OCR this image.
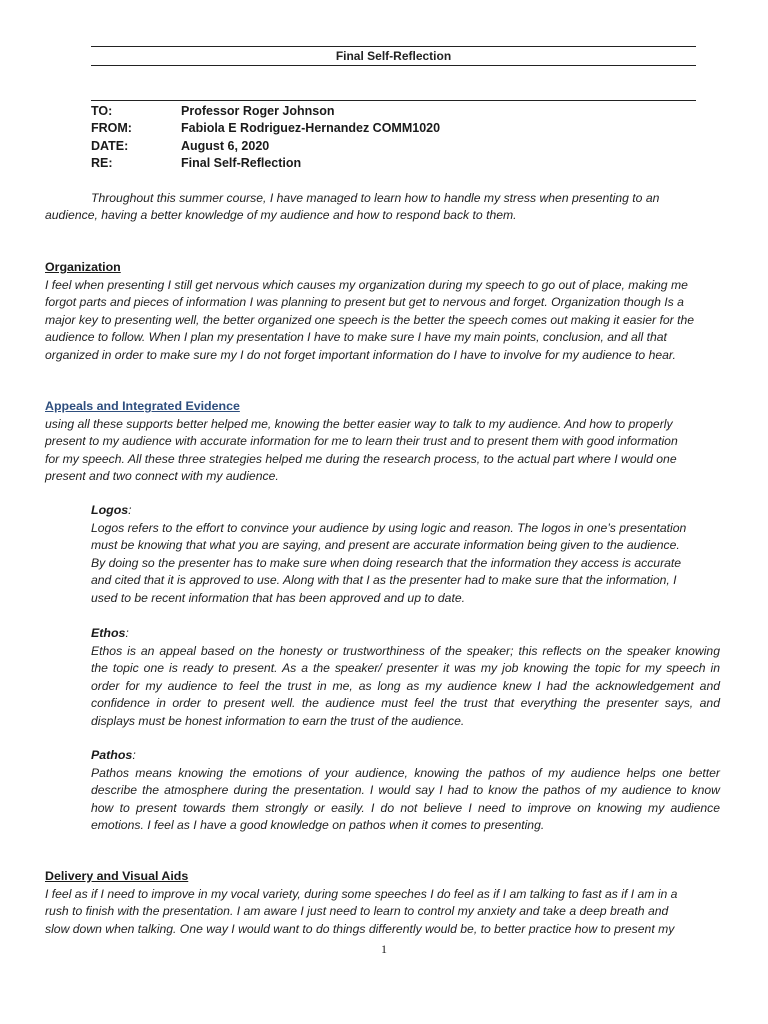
Final Self-Reflection
TO:	Professor Roger Johnson
FROM:	Fabiola E Rodriguez-Hernandez COMM1020
DATE:	August 6, 2020
RE:	Final Self-Reflection
Throughout this summer course, I have managed to learn how to handle my stress when presenting to an
audience, having a better knowledge of my audience and how to respond back to them.
Organization
I feel when presenting I still get nervous which causes my organization during my speech to go out of place, making me
forgot parts and pieces of information I was planning to present but get to nervous and forget. Organization though Is a
major key to presenting well, the better organized one speech is the better the speech comes out making it easier for the
audience to follow. When I plan my presentation I have to make sure I have my main points, conclusion, and all that
organized in order to make sure my I do not forget important information do I have to involve for my audience to hear.
Appeals and Integrated Evidence
using all these supports better helped me, knowing the better easier way to talk to my audience. And how to properly
present to my audience with accurate information for me to learn their trust and to present them with good information
for my speech. All these three strategies helped me during the research process, to the actual part where I would one
present and two connect with my audience.
Logos:
Logos refers to the effort to convince your audience by using logic and reason. The logos in one’s presentation
must be knowing that what you are saying, and present are accurate information being given to the audience.
By doing so the presenter has to make sure when doing research that the information they access is accurate
and cited that it is approved to use. Along with that I as the presenter had to make sure that the information, I
used to be recent information that has been approved and up to date.
Ethos:
Ethos is an appeal based on the honesty or trustworthiness of the speaker; this reflects on the speaker knowing
the topic one is ready to present. As a the speaker/ presenter it was my job knowing the topic for my speech in
order for my audience to feel the trust in me, as long as my audience knew I had the acknowledgement and
confidence in order to present well. the audience must feel the trust that everything the presenter says, and
displays must be honest information to earn the trust of the audience.
Pathos:
Pathos means knowing the emotions of your audience, knowing the pathos of my audience helps one better
describe the atmosphere during the presentation. I would say I had to know the pathos of my audience to know
how to present towards them strongly or easily. I do not believe I need to improve on knowing my audience
emotions. I feel as I have a good knowledge on pathos when it comes to presenting.
Delivery and Visual Aids
I feel as if I need to improve in my vocal variety, during some speeches I do feel as if I am talking to fast as if I am in a
rush to finish with the presentation. I am aware I just need to learn to control my anxiety and take a deep breath and
slow down when talking. One way I would want to do things differently would be, to better practice how to present my
1
